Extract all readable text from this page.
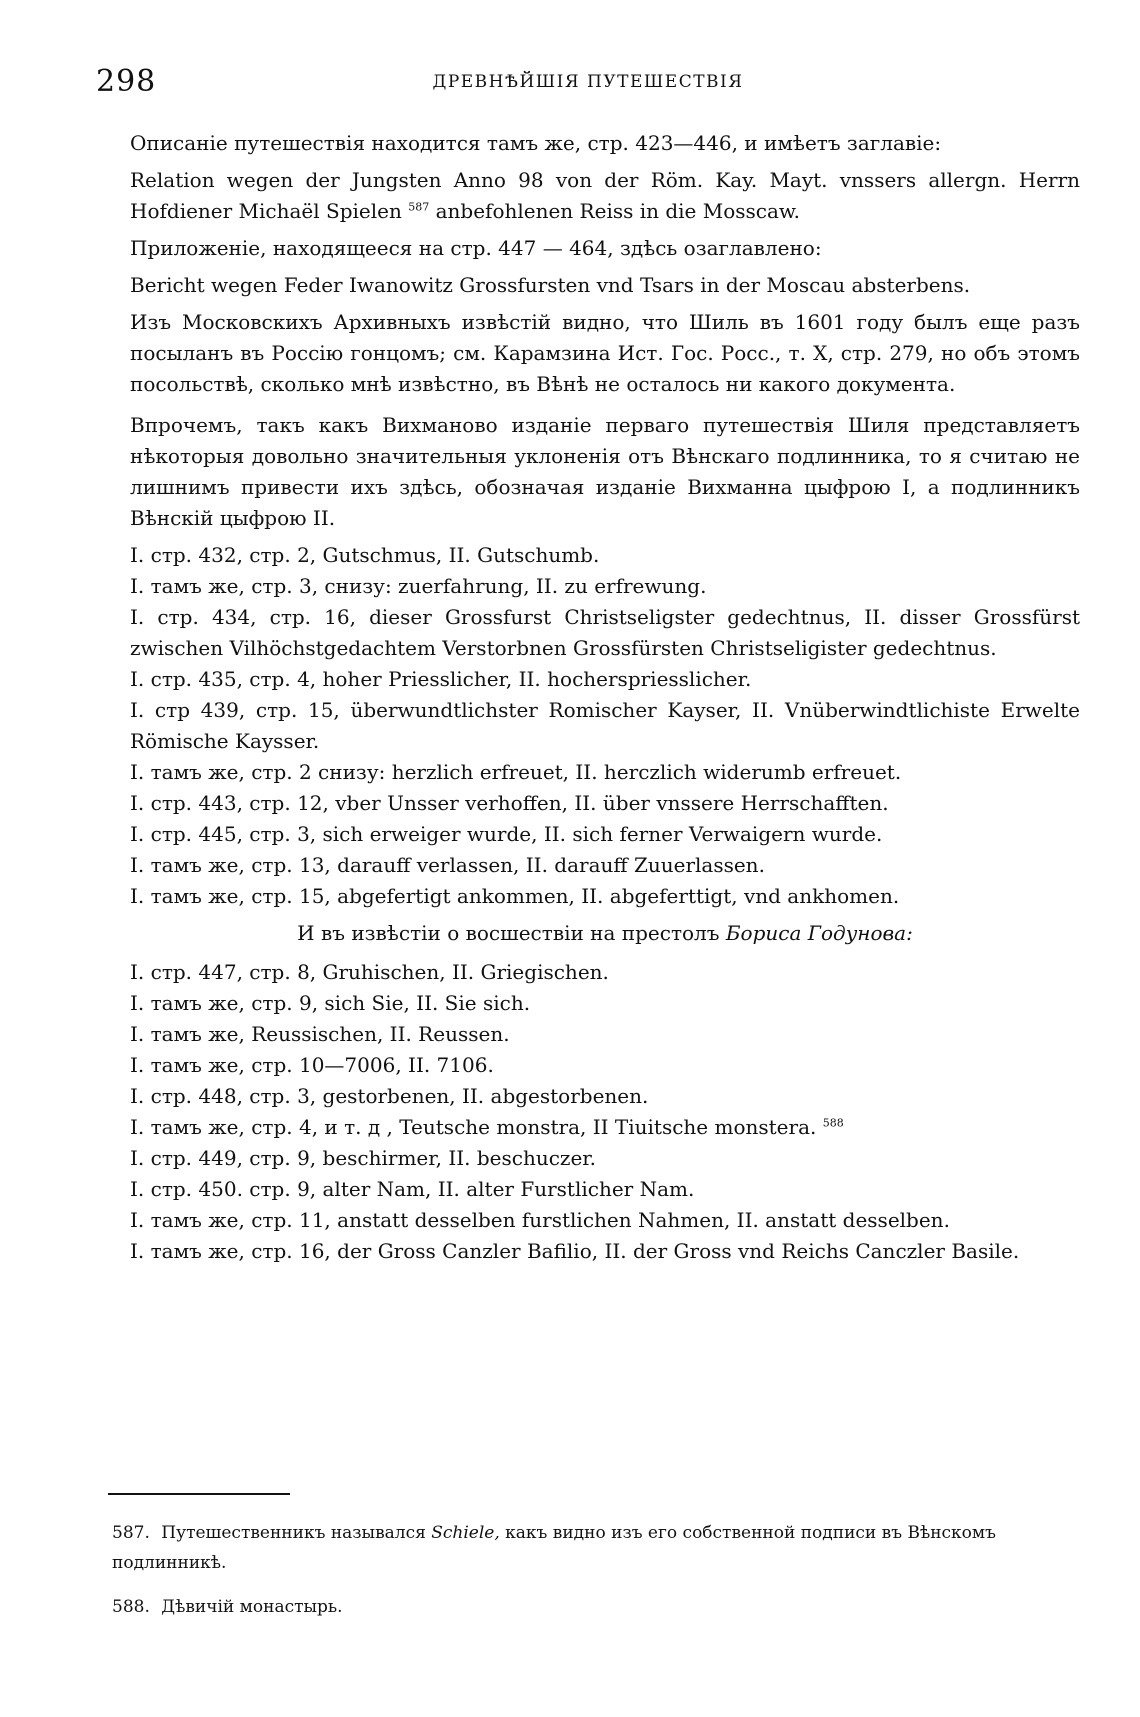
298	ДРЕВНѢЙШІЯ ПУТЕШЕСТВІЯ

Описаніе путешествія находится тамъ же, стр. 423—446, и имѣетъ заглавіе:

Relation wegen der Jungsten Anno 98 von der Röm. Kay. Mayt. vnssers allergn. Herrn Hofdiener Michaël Spielen $^{587}$ anbefohlenen Reiss in die Mosscaw.

Приложеніе, находящееся на стр. 447 — 464, здѣсь озаглавлено:

Bericht wegen Feder Iwanowitz Grossfursten vnd Tsars in der Moscau absterbens.

Изъ Московскихъ Архивныхъ извѣстій видно, что Шиль въ 1601 году былъ еще разъ посыланъ въ Россію гонцомъ; см. Карамзина Ист. Гос. Росс., т. X, стр. 279, но объ этомъ посольствѣ, сколько мнѣ извѣстно, въ Вѣнѣ не осталось ни какого документа.

Впрочемъ, такъ какъ Вихманово изданіе перваго путешествія Шиля представляетъ нѣкоторыя довольно значительныя уклоненія отъ Вѣнскаго подлинника, то я считаю не лишнимъ привести ихъ здѣсь, обозначая изданіе Вихманна цыфрою I, а подлинникъ Вѣнскій цыфрою II.

I. стр. 432, стр. 2, Gutschmus, II. Gutschumb.

I. тамъ же, стр. 3, снизу: zuerfahrung, II. zu erfrewung.

I. стр. 434, стр. 16, dieser Grossfurst Christseligster gedechtnus, II. disser Grossfürst zwischen Vilhöchstgedachtem Verstorbnen Grossfürsten Christseligister gedechtnus.

I. стр. 435, стр. 4, hoher Priesslicher, II. hocherspriesslicher.

I. стр 439, стр. 15, überwundtlichster Romischer Kayser, II. Vnüberwindtlichiste Erwelte Römische Kaysser.

I. тамъ же, стр. 2 снизу: herzlich erfreuet, II. herczlich widerumb erfreuet.

I. стр. 443, стр. 12, vber Unsser verhoffen, II. über vnssere Herrschafften.

I. стр. 445, стр. 3, sich erweiger wurde, II. sich ferner Verwaigern wurde.

I. тамъ же, стр. 13, darauff verlassen, II. darauff Zuuerlassen.

I. тамъ же, стр. 15, abgefertigt ankommen, II. abgeferttigt, vnd ankhomen.

И въ извѣстіи о восшествіи на престолъ Бориса Годунова:

I. стр. 447, стр. 8, Gruhischen, II. Griegischen.

I. тамъ же, стр. 9, sich Sie, II. Sie sich.

I. тамъ же, Reussischen, II. Reussen.

I. тамъ же, стр. 10—7006, II. 7106.

I. стр. 448, стр. 3, gestorbenen, II. abgestorbenen.

I. тамъ же, стр. 4, и т. д , Teutsche monstra, II Tiuitsche monstera. $^{588}$

I. стр. 449, стр. 9, beschirmer, II. beschuczer.

I. стр. 450. стр. 9, alter Nam, II. alter Furstlicher Nam.

I. тамъ же, стр. 11, anstatt desselben furstlichen Nahmen, II. anstatt desselben.

I. тамъ же, стр. 16, der Gross Canzler Bafilio, II. der Gross vnd Reichs Canczler Basile.

587. Путешественникъ назывался Schiele, какъ видно изъ его собственной подписи въ Вѣнскомъ подлинникѣ.

588. Дѣвичій монастырь.
